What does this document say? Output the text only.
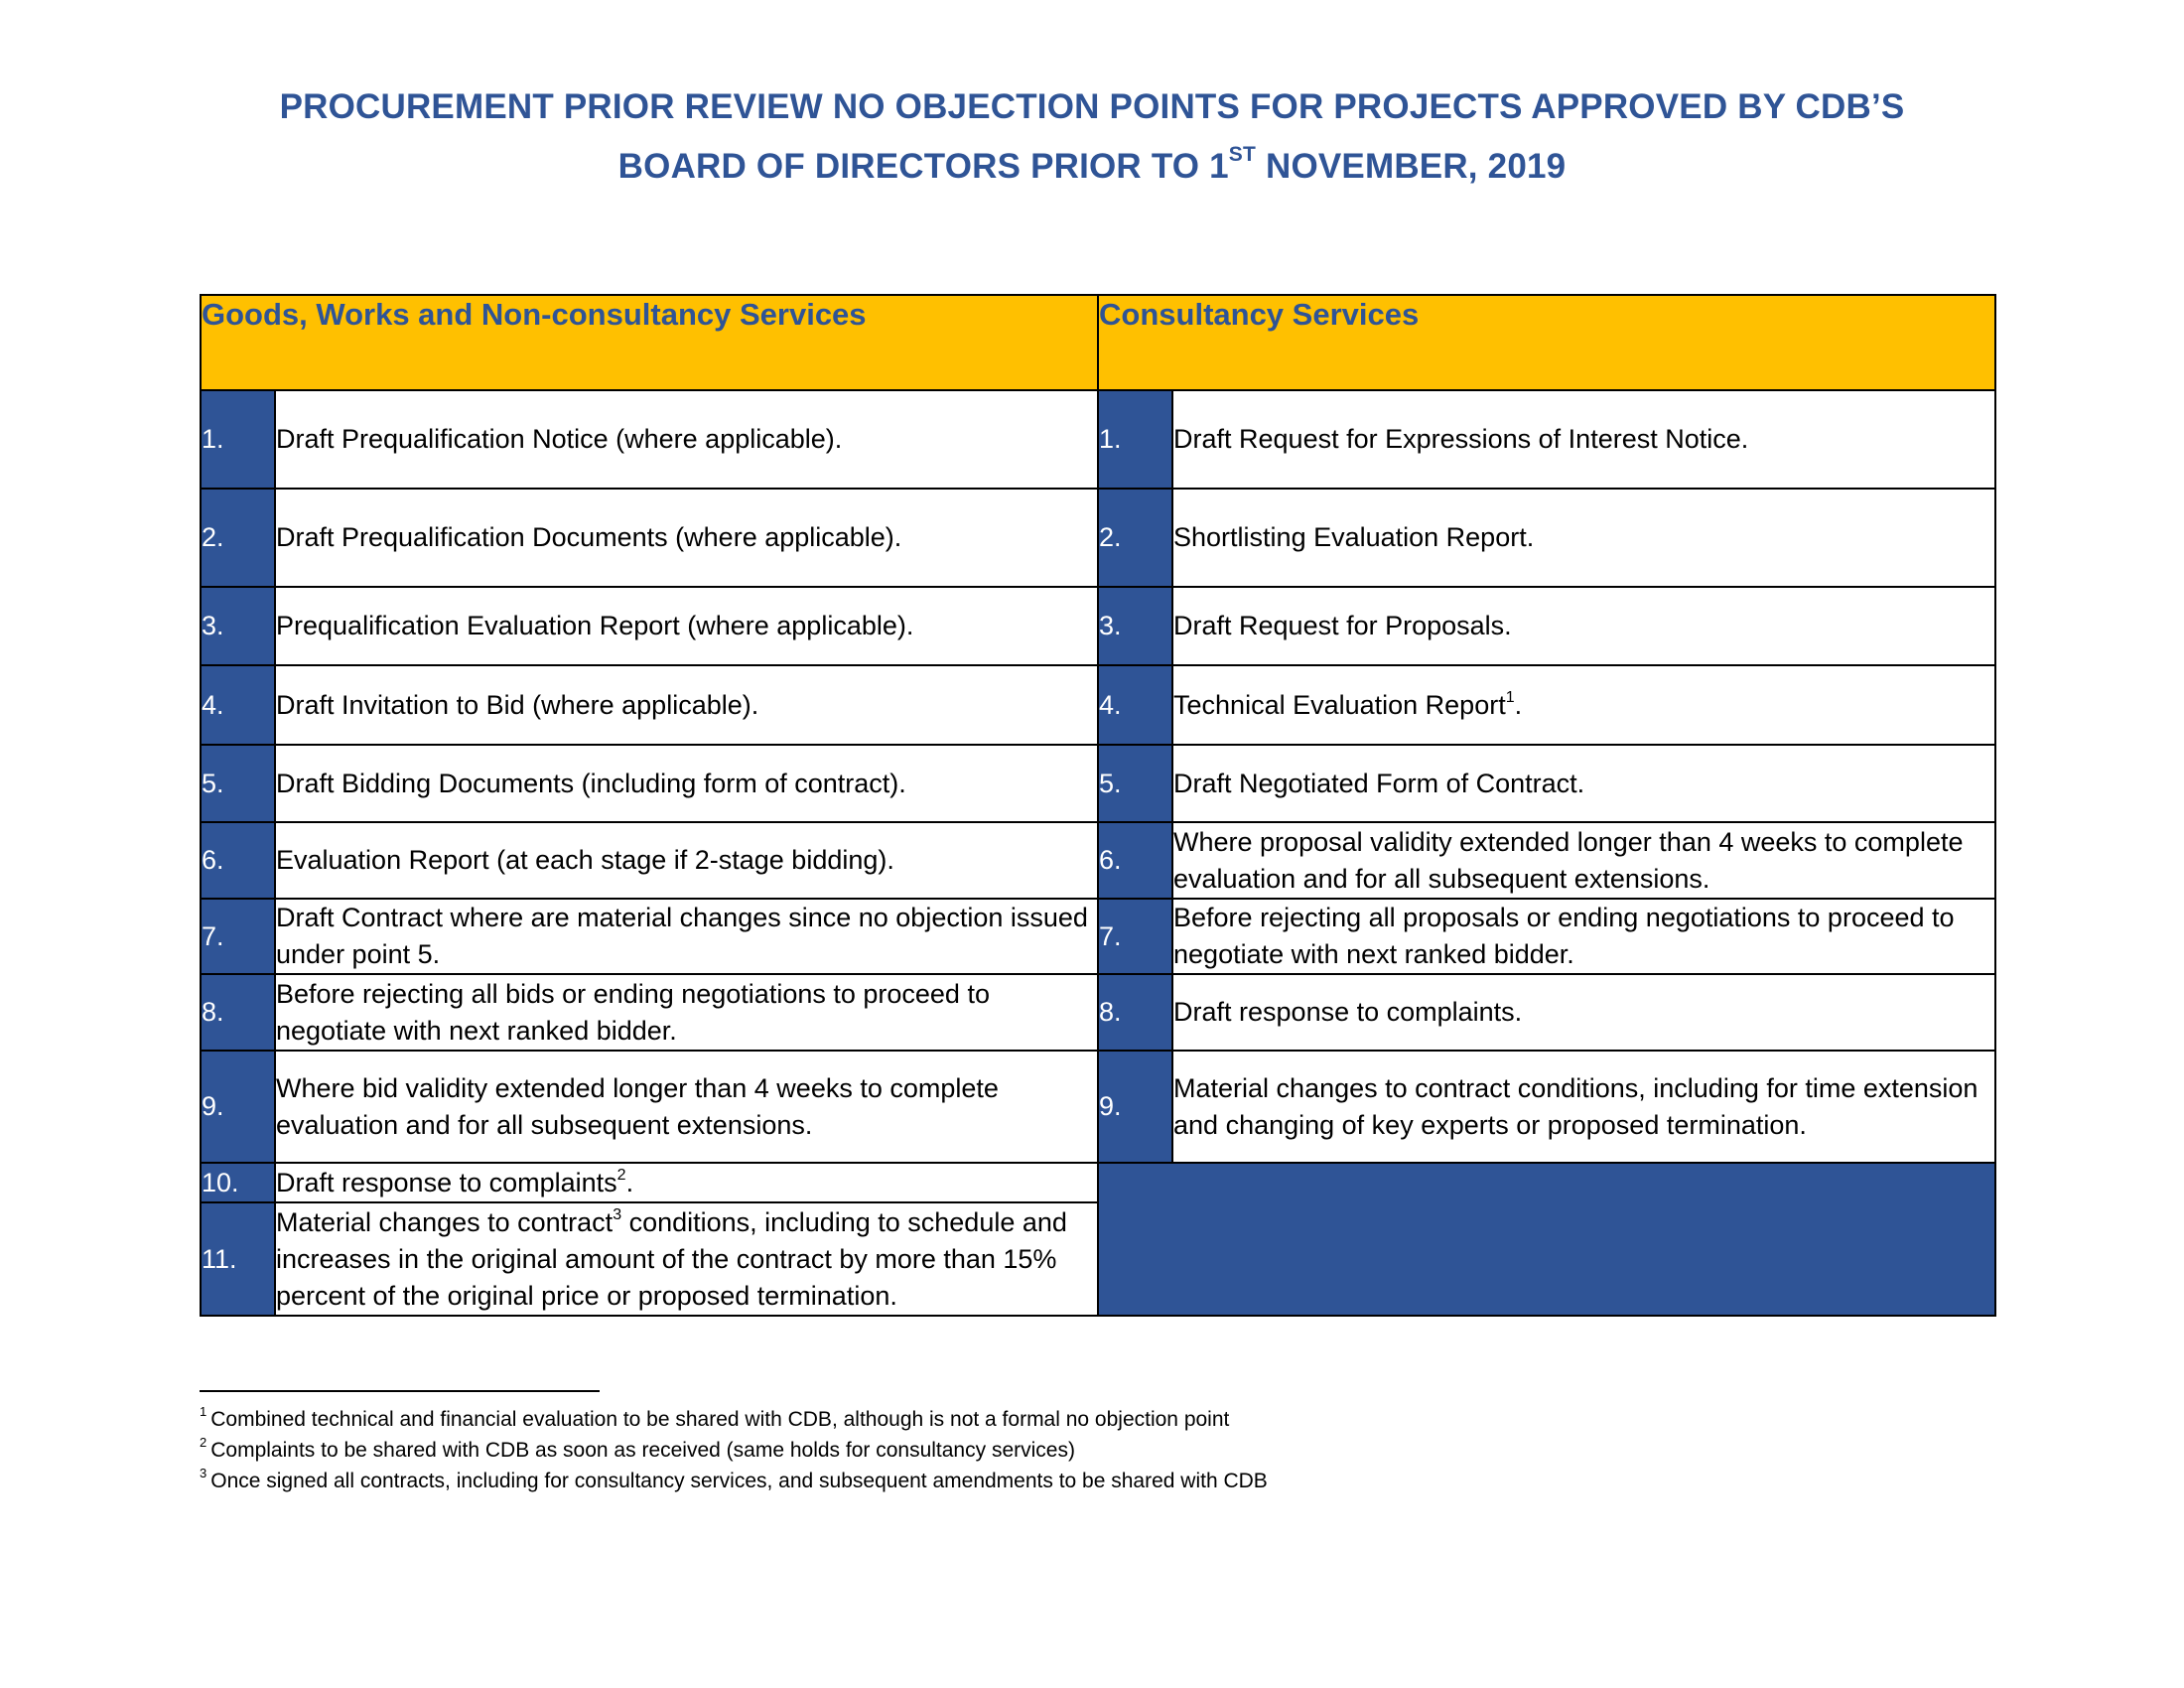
PROCUREMENT PRIOR REVIEW NO OBJECTION POINTS FOR PROJECTS APPROVED BY CDB’S
BOARD OF DIRECTORS PRIOR TO 1ST NOVEMBER, 2019
Goods, Works and Non-consultancy Services		Consultancy Services	
1.	Draft Prequalification Notice (where applicable).	1.	Draft Request for Expressions of Interest Notice.
2.	Draft Prequalification Documents (where applicable).	2.	Shortlisting Evaluation Report.
3.	Prequalification Evaluation Report (where applicable).	3.	Draft Request for Proposals.
4.	Draft Invitation to Bid (where applicable).	4.	Technical Evaluation Report$^1$.
5.	Draft Bidding Documents (including form of contract).	5.	Draft Negotiated Form of Contract.
6.	Evaluation Report (at each stage if 2-stage bidding).	6.	Where proposal validity extended longer than 4 weeks to complete evaluation and for all subsequent extensions.
7.	Draft Contract where are material changes since no objection issued under point 5.	7.	Before rejecting all proposals or ending negotiations to proceed to negotiate with next ranked bidder.
8.	Before rejecting all bids or ending negotiations to proceed to negotiate with next ranked bidder.	8.	Draft response to complaints.
9.	Where bid validity extended longer than 4 weeks to complete evaluation and for all subsequent extensions.	9.	Material changes to contract conditions, including for time extension and changing of key experts or proposed termination.
10.	Draft response to complaints$^2$.		
11.	Material changes to contract$^3$ conditions, including to schedule and increases in the original amount of the contract by more than 15% percent of the original price or proposed termination.		
$^1$ Combined technical and financial evaluation to be shared with CDB, although is not a formal no objection point
$^2$ Complaints to be shared with CDB as soon as received (same holds for consultancy services)
$^3$ Once signed all contracts, including for consultancy services, and subsequent amendments to be shared with CDB
